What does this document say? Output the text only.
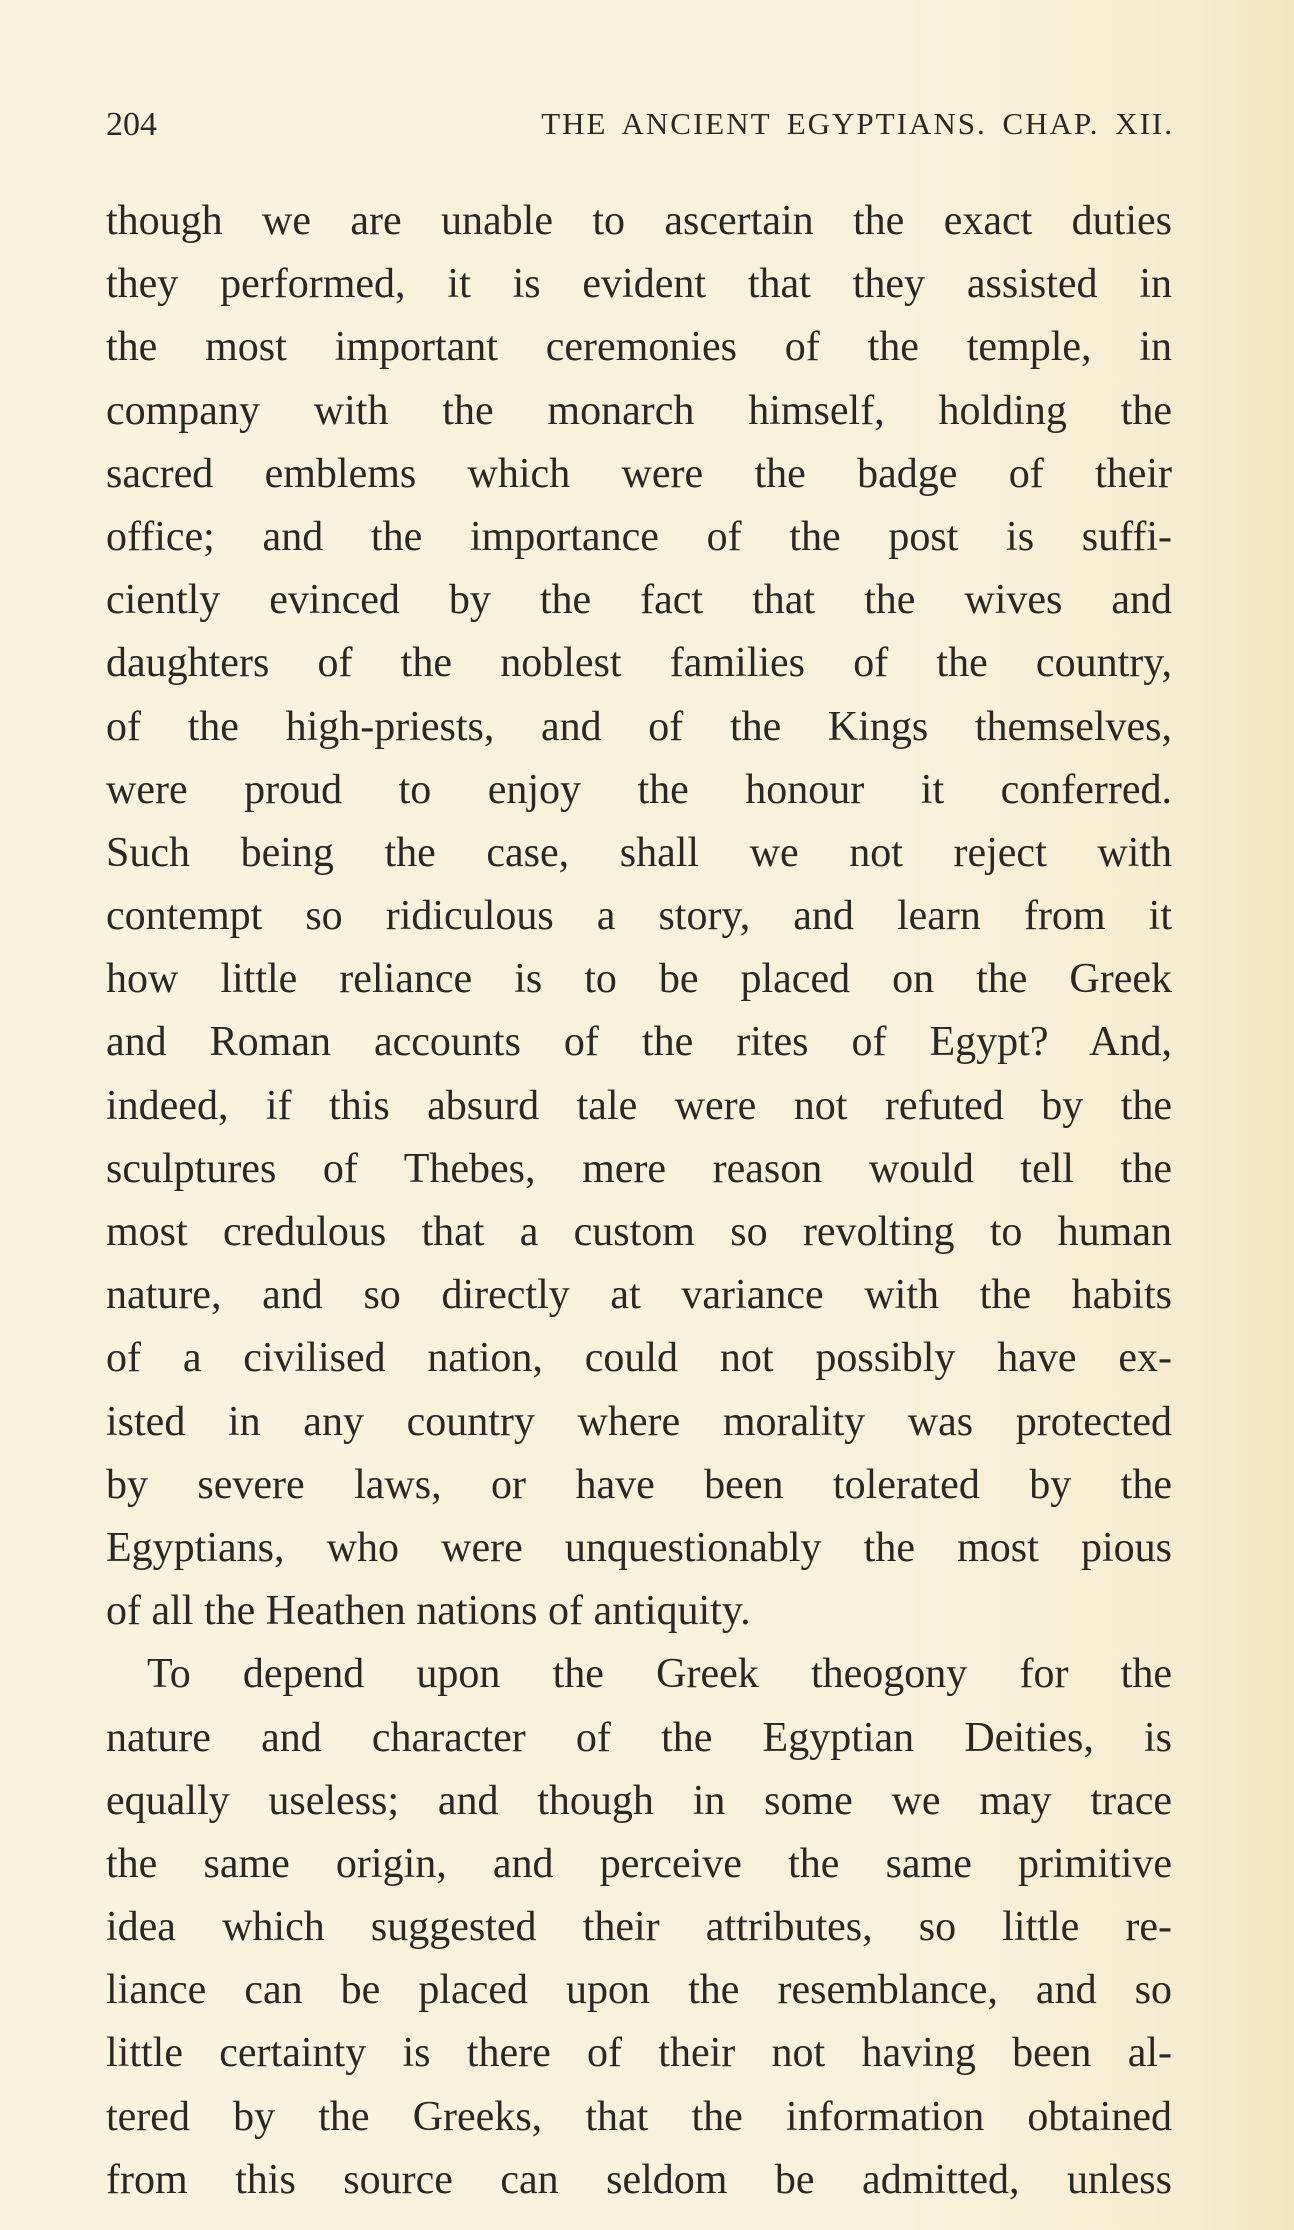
204	THE ANCIENT EGYPTIANS. CHAP. XII.
though we are unable to ascertain the exact duties
they performed, it is evident that they assisted in
the most important ceremonies of the temple, in
company with the monarch himself, holding the
sacred emblems which were the badge of their
office; and the importance of the post is suffi-
ciently evinced by the fact that the wives and
daughters of the noblest families of the country,
of the high-priests, and of the Kings themselves,
were proud to enjoy the honour it conferred.
Such being the case, shall we not reject with
contempt so ridiculous a story, and learn from it
how little reliance is to be placed on the Greek
and Roman accounts of the rites of Egypt? And,
indeed, if this absurd tale were not refuted by the
sculptures of Thebes, mere reason would tell the
most credulous that a custom so revolting to human
nature, and so directly at variance with the habits
of a civilised nation, could not possibly have ex-
isted in any country where morality was protected
by severe laws, or have been tolerated by the
Egyptians, who were unquestionably the most pious
of all the Heathen nations of antiquity.
To depend upon the Greek theogony for the
nature and character of the Egyptian Deities, is
equally useless; and though in some we may trace
the same origin, and perceive the same primitive
idea which suggested their attributes, so little re-
liance can be placed upon the resemblance, and so
little certainty is there of their not having been al-
tered by the Greeks, that the information obtained
from this source can seldom be admitted, unless
